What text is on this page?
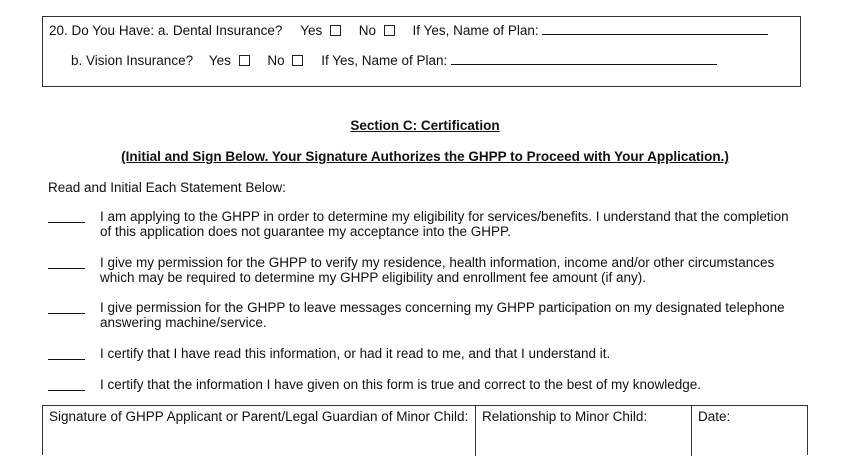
20. Do You Have: a. Dental Insurance? Yes	No	If Yes, Name of Plan:
b. Vision Insurance? Yes	No	If Yes, Name of Plan:
Section C: Certification
(Initial and Sign Below. Your Signature Authorizes the GHPP to Proceed with Your Application.)
Read and Initial Each Statement Below:
I am applying to the GHPP in order to determine my eligibility for services/benefits. I understand that the completion of this application does not guarantee my acceptance into the GHPP.
I give my permission for the GHPP to verify my residence, health information, income and/or other circumstances which may be required to determine my GHPP eligibility and enrollment fee amount (if any).
I give permission for the GHPP to leave messages concerning my GHPP participation on my designated telephone answering machine/service.
I certify that I have read this information, or had it read to me, and that I understand it.
I certify that the information I have given on this form is true and correct to the best of my knowledge.
Signature of GHPP Applicant or Parent/Legal Guardian of Minor Child: Relationship to Minor Child:	Date:
